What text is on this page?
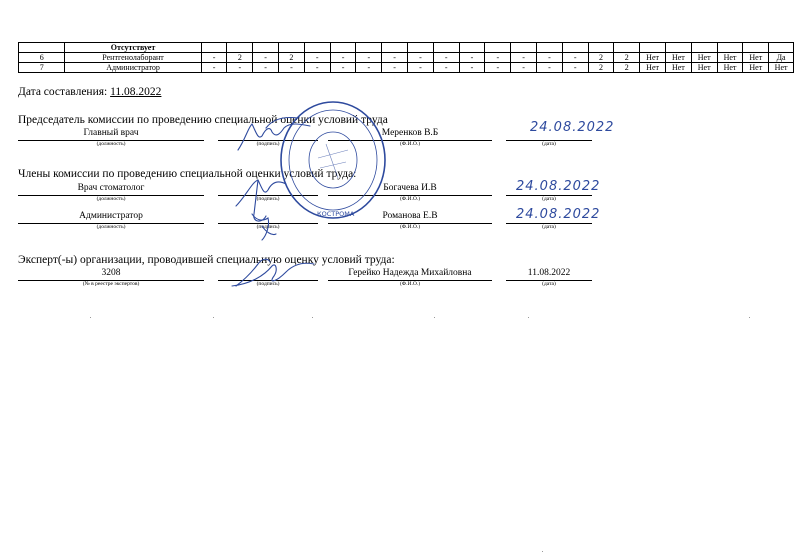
	Отсутствует																							
6	Рентгенолаборант	-	2	-	2	-	-	-	-	-	-	-	-	-	-	-	2	2	Нет	Нет	Нет	Нет	Нет	Да
7	Администратор	-	-	-	-	-	-	-	-	-	-	-	-	-	-	-	2	2	Нет	Нет	Нет	Нет	Нет	Нет
Дата составления: 11.08.2022
Председатель комиссии по проведению специальной оценки условий труда
Главный врач
(должность)	(подпись)
Меренков В.Б
(Ф.И.О.)
24.08.2022
(дата)
Члены комиссии по проведению специальной оценки условий труда:
Врач стоматолог
(должность)	(подпись)
Богачева И.В
(Ф.И.О.)
24.08.2022
(дата)
Администратор
(должность)	(подпись)
Романова Е.В
(Ф.И.О.)
24.08.2022
(дата)
Эксперт(-ы) организации, проводившей специальную оценку условий труда:
3208
(№ в реестре экспертов)	(подпись)
Герейко Надежда Михайловна
(Ф.И.О.)
11.08.2022
(дата)
КОСТРОМА
